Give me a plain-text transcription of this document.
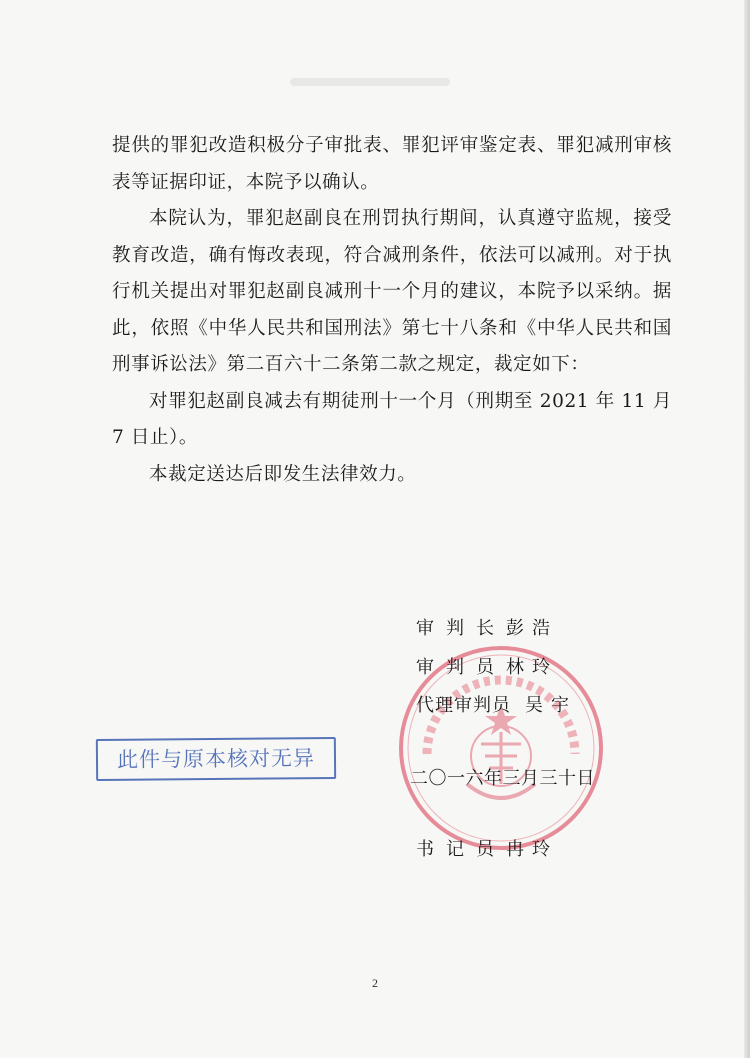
提供的罪犯改造积极分子审批表、罪犯评审鉴定表、罪犯减刑审核表等证据印证，本院予以确认。

本院认为，罪犯赵副良在刑罚执行期间，认真遵守监规，接受教育改造，确有悔改表现，符合减刑条件，依法可以减刑。对于执行机关提出对罪犯赵副良减刑十一个月的建议，本院予以采纳。据此，依照《中华人民共和国刑法》第七十八条和《中华人民共和国刑事诉讼法》第二百六十二条第二款之规定，裁定如下：

对罪犯赵副良减去有期徒刑十一个月（刑期至 2021 年 11 月 7 日止）。

本裁定送达后即发生法律效力。

审判长彭浩
审判员林玲
代理审判员 吴宇
二〇一六年三月三十日
书记员冉玲
此件与原本核对无异
2
